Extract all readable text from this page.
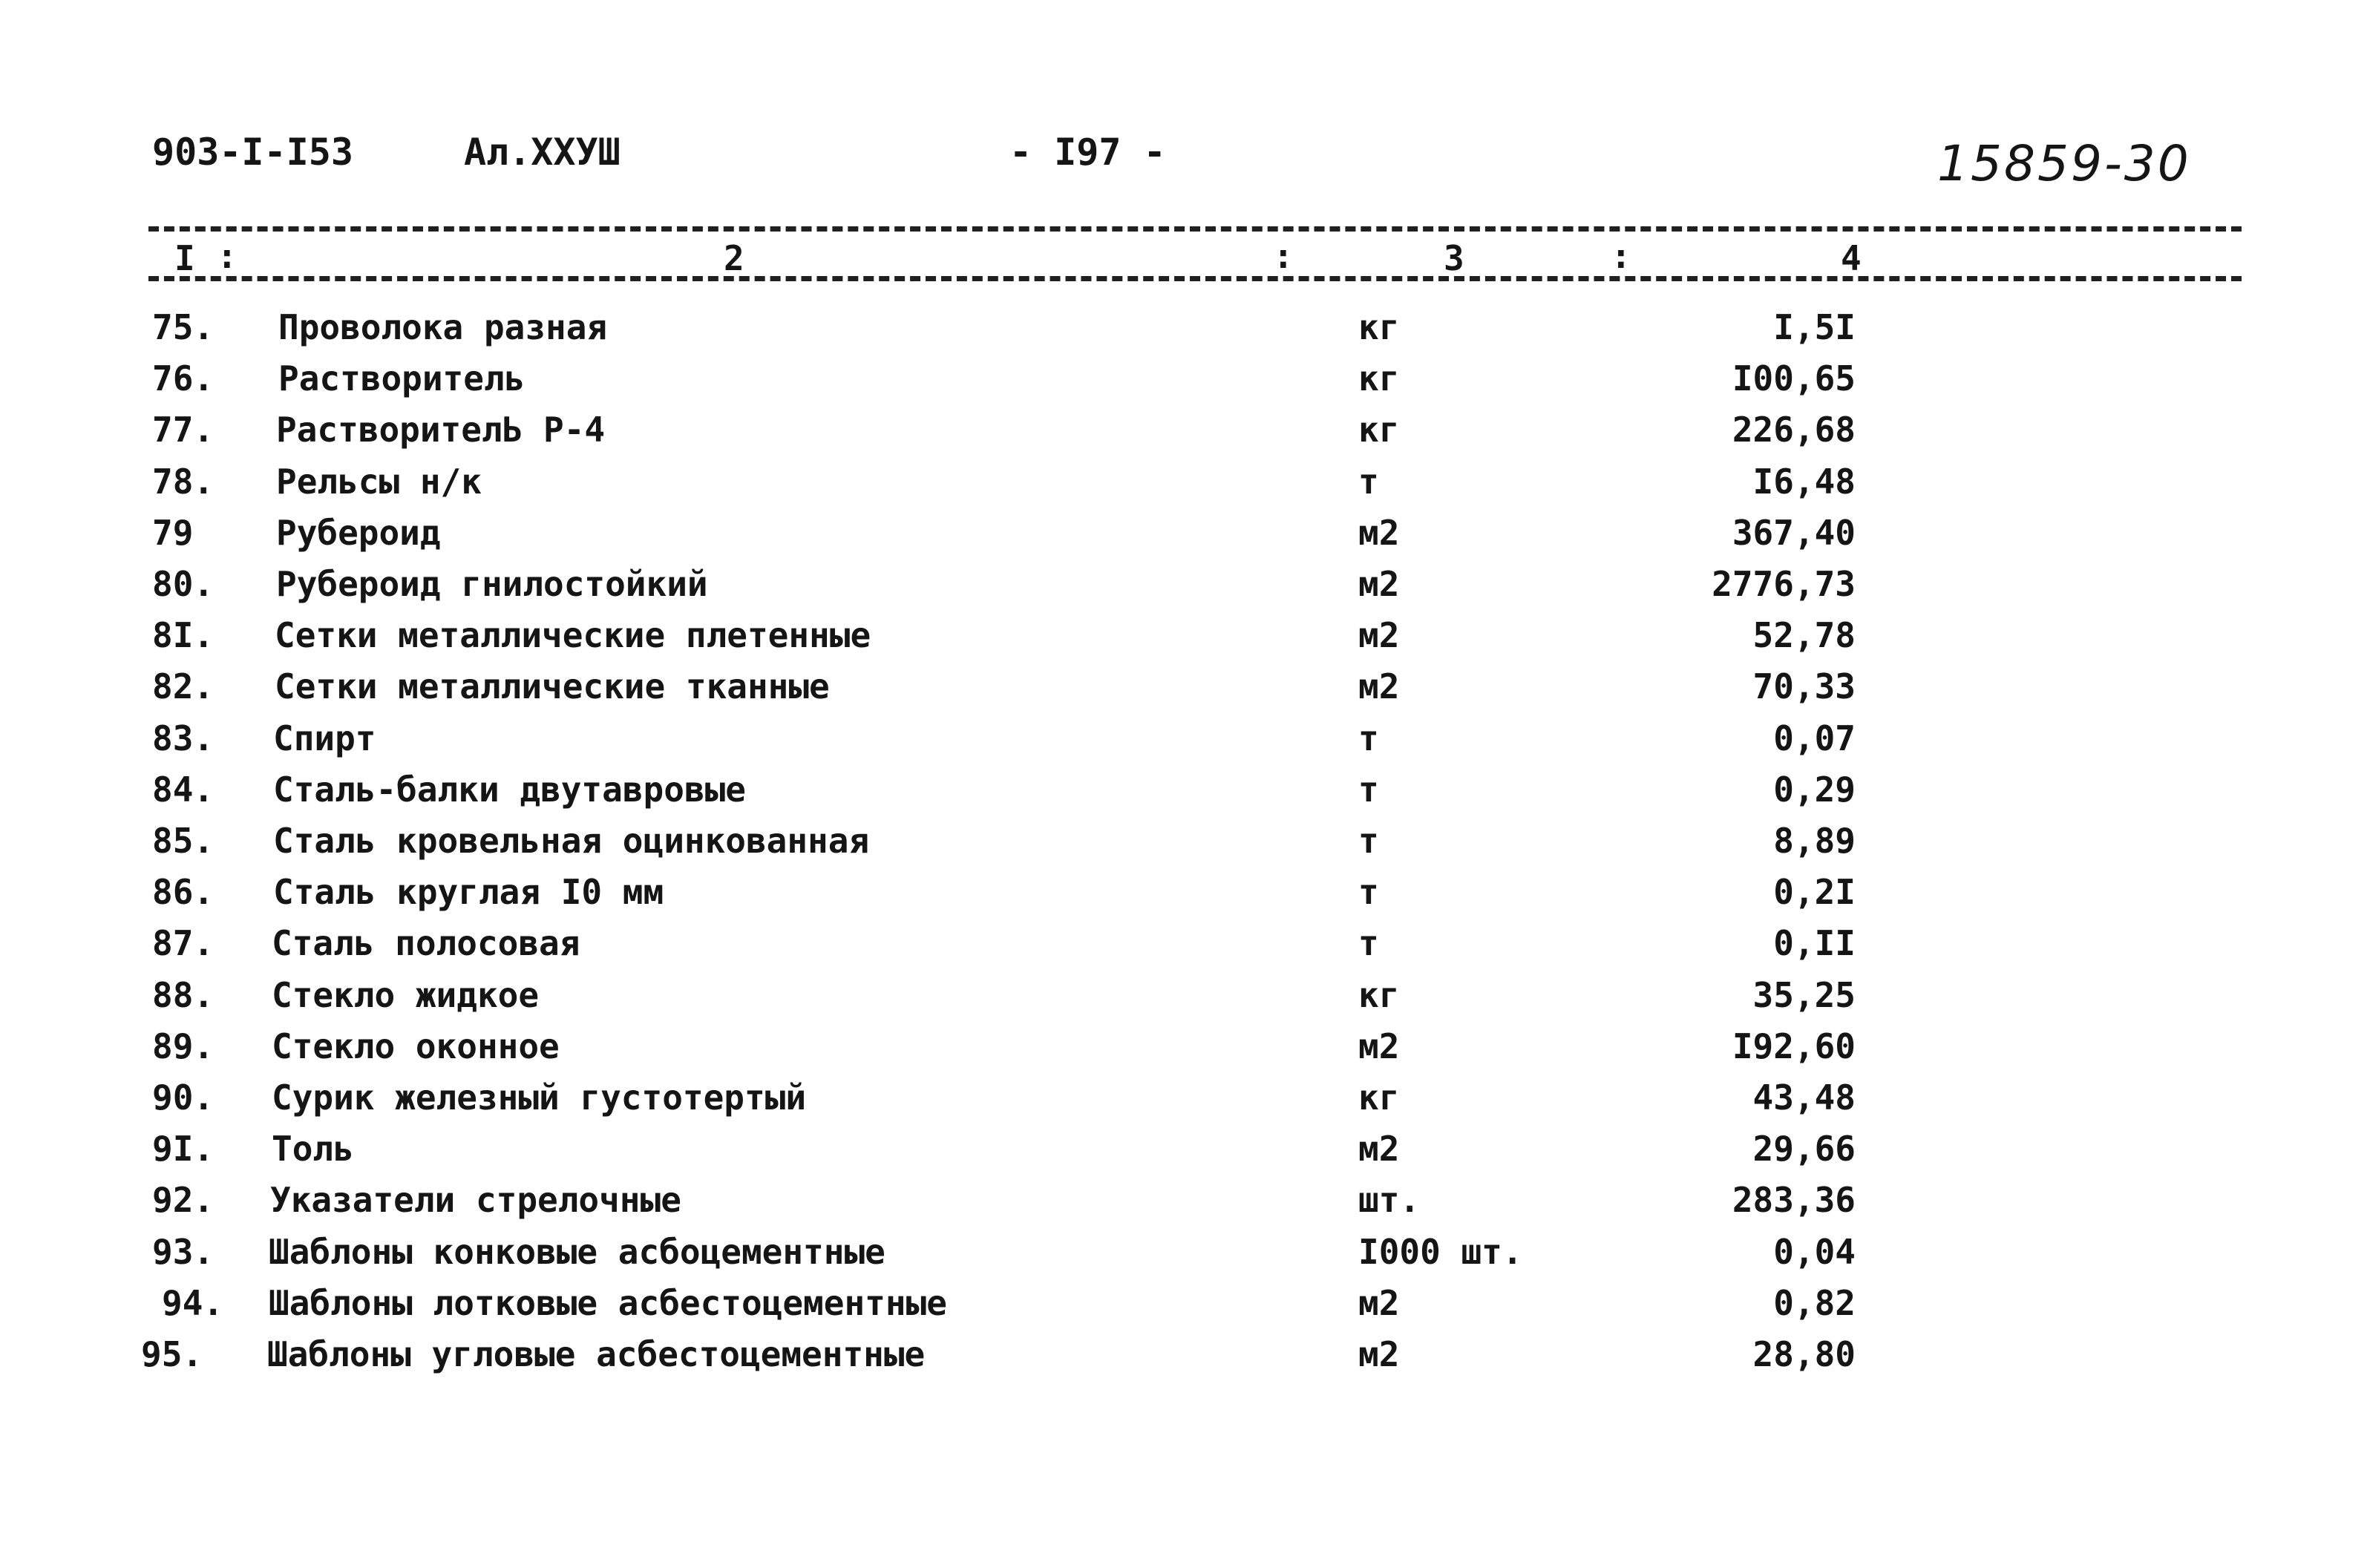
903-I-I53	Ал.ХХУШ	- I97 -	15859-30
I :	2	:	3	:	4
75. Проволока разная	кг	I,5I
76. Растворитель	кг	I00,65
77. РастворителЬ Р-4	кг	226,68
78. Рельсы н/к	т	I6,48
79 Рубероид	м2	367,40
80. Рубероид гнилостойкий	м2	2776,73
8I. Сетки металлические плетенные	м2	52,78
82. Сетки металлические тканные	м2	70,33
83. Спирт	т	0,07
84. Сталь-балки двутавровые	т	0,29
85. Сталь кровельная оцинкованная	т	8,89
86. Сталь круглая I0 мм	т	0,2I
87. Сталь полосовая	т	0,II
88. Стекло жидкое	кг	35,25
89. Стекло оконное	м2	I92,60
90. Сурик железный густотертый	кг	43,48
9I. Толь	м2	29,66
92. Указатели стрелочные	шт.	283,36
93. Шаблоны конковые асбоцементные	I000 шт.	0,04
94. Шаблоны лотковые асбестоцементные	м2	0,82
95. Шаблоны угловые асбестоцементные	м2	28,80
